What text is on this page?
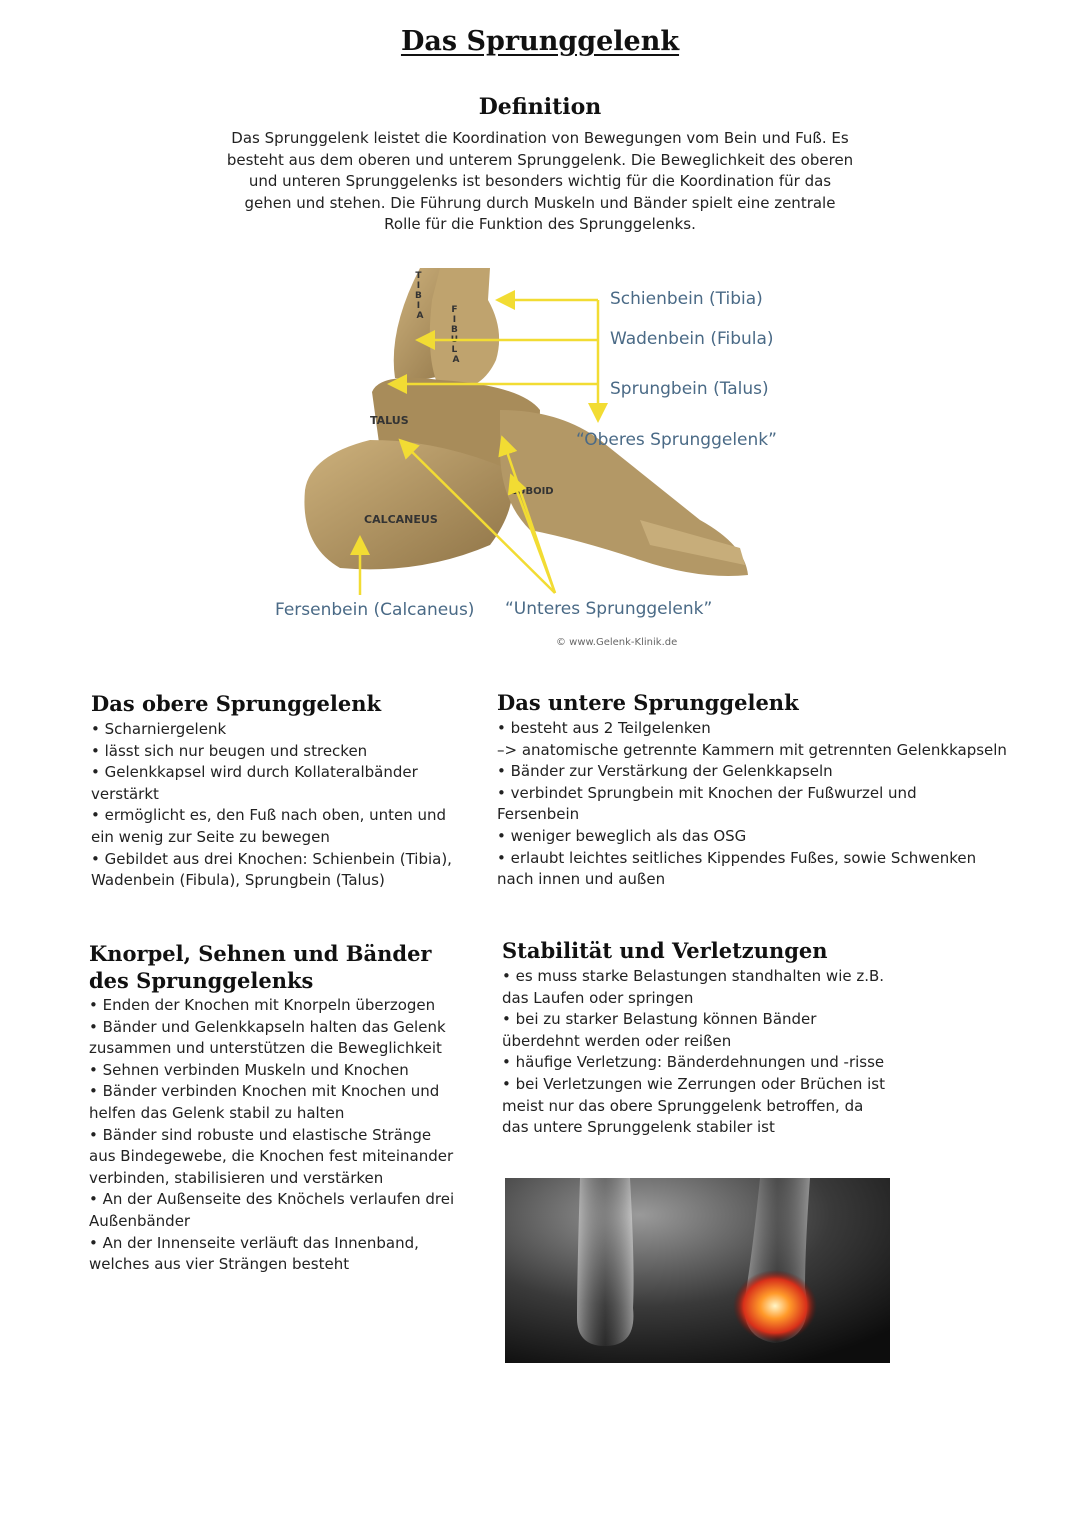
Das Sprunggelenk
Definition

Das Sprunggelenk leistet die Koordination von Bewegungen vom Bein und Fuß. Es besteht aus dem oberen und unterem Sprunggelenk. Die Beweglichkeit des oberen und unteren Sprunggelenks ist besonders wichtig für die Koordination für das gehen und stehen. Die Führung durch Muskeln und Bänder spielt eine zentrale Rolle für die Funktion des Sprunggelenks.

T I B I A
F I B U L A
TALUS
CALCANEUS
CUBOID
Schienbein (Tibia)
Wadenbein (Fibula)
Sprungbein (Talus)
“Oberes Sprunggelenk”
Fersenbein (Calcaneus) “Unteres Sprunggelenk”
© www.Gelenk-Klinik.de
Das obere Sprunggelenk
• Scharniergelenk
• lässt sich nur beugen und strecken
• Gelenkkapsel wird durch Kollateralbänder
verstärkt
• ermöglicht es, den Fuß nach oben, unten und
ein wenig zur Seite zu bewegen
• Gebildet aus drei Knochen: Schienbein (Tibia),
Wadenbein (Fibula), Sprungbein (Talus)
Das untere Sprunggelenk
• besteht aus 2 Teilgelenken
–> anatomische getrennte Kammern mit getrennten Gelenkkapseln
• Bänder zur Verstärkung der Gelenkkapseln
• verbindet Sprungbein mit Knochen der Fußwurzel und
Fersenbein
• weniger beweglich als das OSG
• erlaubt leichtes seitliches Kippendes Fußes, sowie Schwenken
nach innen und außen
Knorpel, Sehnen und Bänder
des Sprunggelenks
• Enden der Knochen mit Knorpeln überzogen
• Bänder und Gelenkkapseln halten das Gelenk
zusammen und unterstützen die Beweglichkeit
• Sehnen verbinden Muskeln und Knochen
• Bänder verbinden Knochen mit Knochen und
helfen das Gelenk stabil zu halten
• Bänder sind robuste und elastische Stränge
aus Bindegewebe, die Knochen fest miteinander
verbinden, stabilisieren und verstärken
• An der Außenseite des Knöchels verlaufen drei
Außenbänder
• An der Innenseite verläuft das Innenband,
welches aus vier Strängen besteht
Stabilität und Verletzungen
• es muss starke Belastungen standhalten wie z.B.
das Laufen oder springen
• bei zu starker Belastung können Bänder
überdehnt werden oder reißen
• häufige Verletzung: Bänderdehnungen und -risse
• bei Verletzungen wie Zerrungen oder Brüchen ist
meist nur das obere Sprunggelenk betroffen, da
das untere Sprunggelenk stabiler ist
